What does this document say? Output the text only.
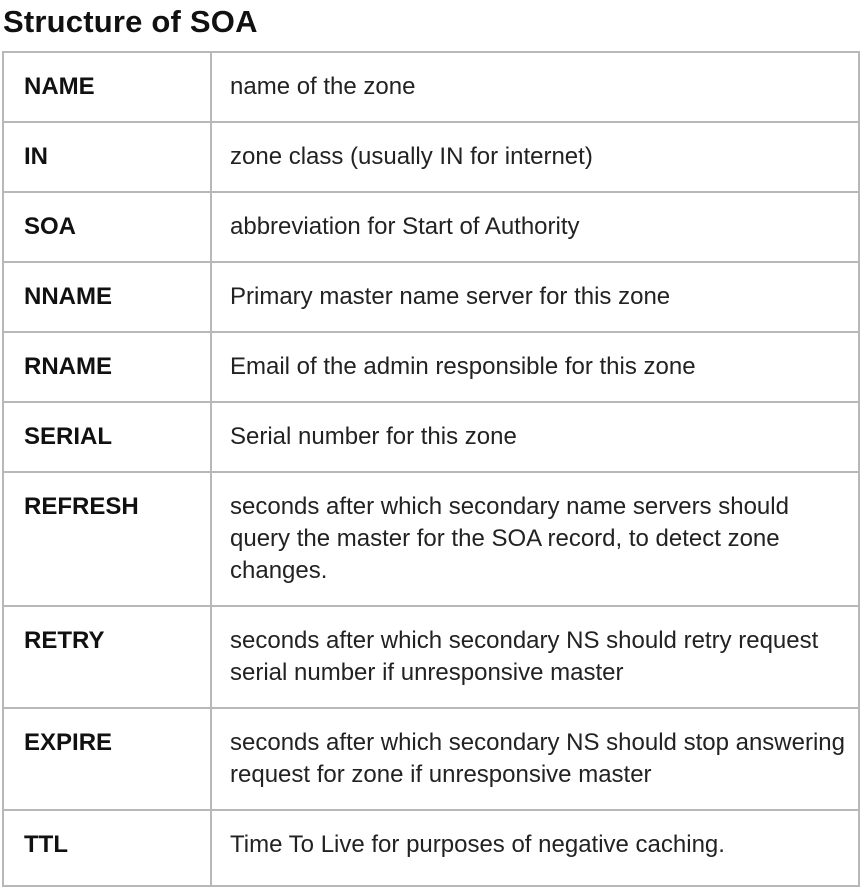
Structure of SOA
NAME	name of the zone
IN	zone class (usually IN for internet)
SOA	abbreviation for Start of Authority
NNAME	Primary master name server for this zone
RNAME	Email of the admin responsible for this zone
SERIAL	Serial number for this zone
REFRESH	seconds after which secondary name servers should query the master for the SOA record, to detect zone changes.
RETRY	seconds after which secondary NS should retry request serial number if unresponsive master
EXPIRE	seconds after which secondary NS should stop answering request for zone if unresponsive master
TTL	Time To Live for purposes of negative caching.
